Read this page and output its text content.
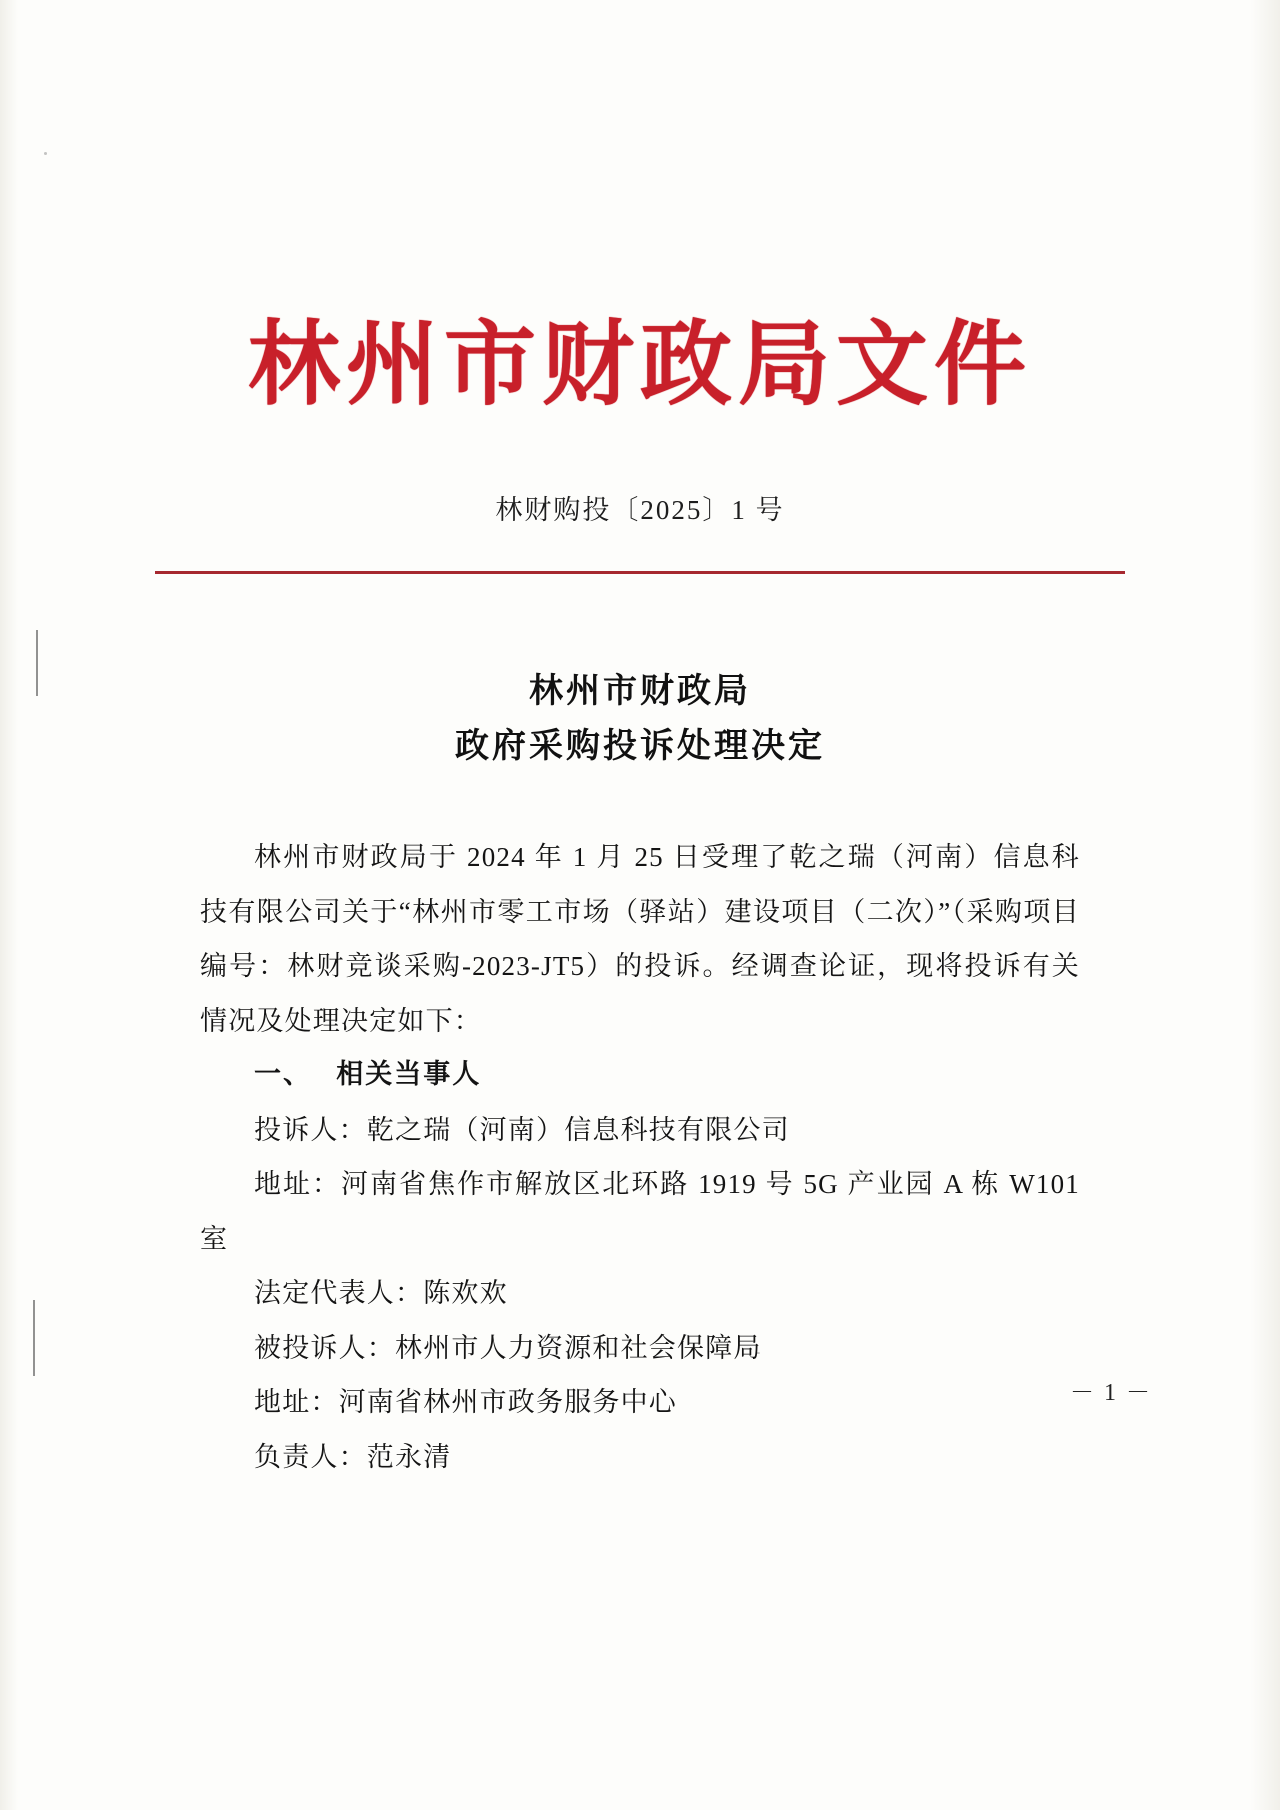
林州市财政局文件
林财购投〔2025〕1 号
林州市财政局
政府采购投诉处理决定

林州市财政局于 2024 年 1 月 25 日受理了乾之瑞（河南）信息科技有限公司关于“林州市零工市场（驿站）建设项目（二次）”（采购项目编号：林财竞谈采购-2023-JT5）的投诉。经调查论证，现将投诉有关情况及处理决定如下：

一、 相关当事人

投诉人：乾之瑞（河南）信息科技有限公司

地址：河南省焦作市解放区北环路 1919 号 5G 产业园 A 栋 W101 室

法定代表人：陈欢欢

被投诉人：林州市人力资源和社会保障局

地址：河南省林州市政务服务中心

负责人：范永清

－ 1 －
